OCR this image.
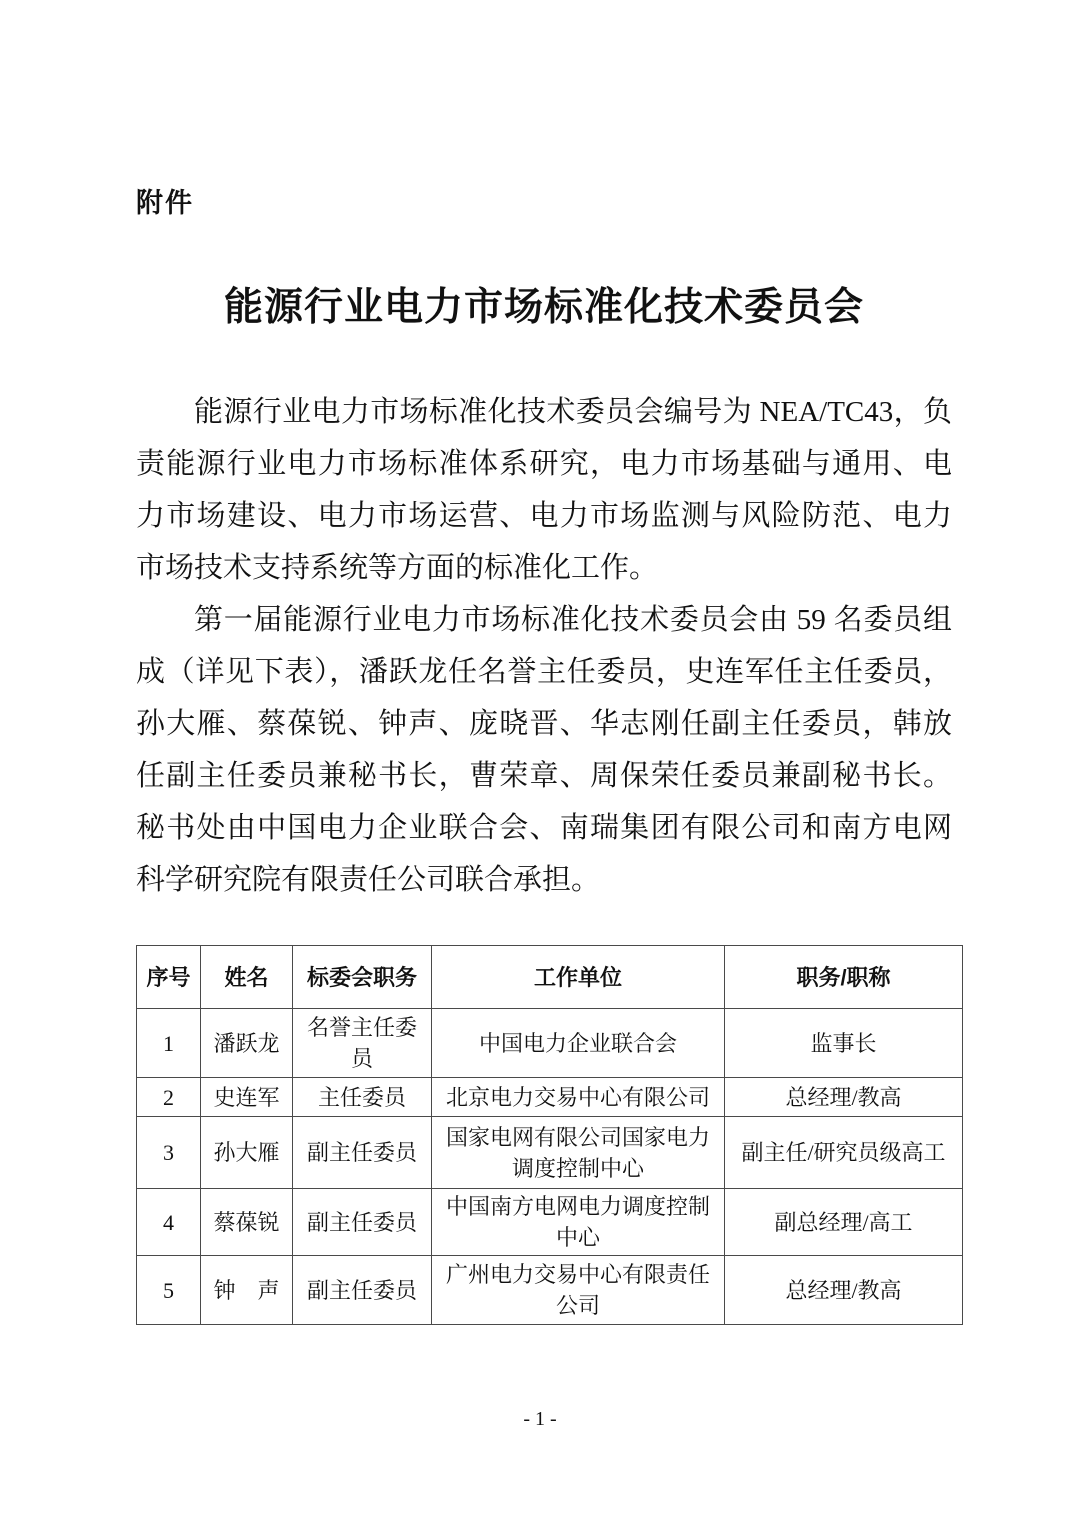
附件
能源行业电力市场标准化技术委员会
能源行业电力市场标准化技术委员会编号为 NEA/TC43，负
责能源行业电力市场标准体系研究，电力市场基础与通用、电
力市场建设、电力市场运营、电力市场监测与风险防范、电力
市场技术支持系统等方面的标准化工作。
第一届能源行业电力市场标准化技术委员会由 59 名委员组
成（详见下表），潘跃龙任名誉主任委员，史连军任主任委员，
孙大雁、蔡葆锐、钟声、庞晓晋、华志刚任副主任委员，韩放
任副主任委员兼秘书长，曹荣章、周保荣任委员兼副秘书长。
秘书处由中国电力企业联合会、南瑞集团有限公司和南方电网
科学研究院有限责任公司联合承担。
序号	姓名	标委会职务	工作单位	职务/职称
1	潘跃龙	名誉主任委员	中国电力企业联合会	监事长
2	史连军	主任委员	北京电力交易中心有限公司	总经理/教高
3	孙大雁	副主任委员	国家电网有限公司国家电力调度控制中心	副主任/研究员级高工
4	蔡葆锐	副主任委员	中国南方电网电力调度控制中心	副总经理/高工
5	钟　声	副主任委员	广州电力交易中心有限责任公司	总经理/教高
- 1 -
